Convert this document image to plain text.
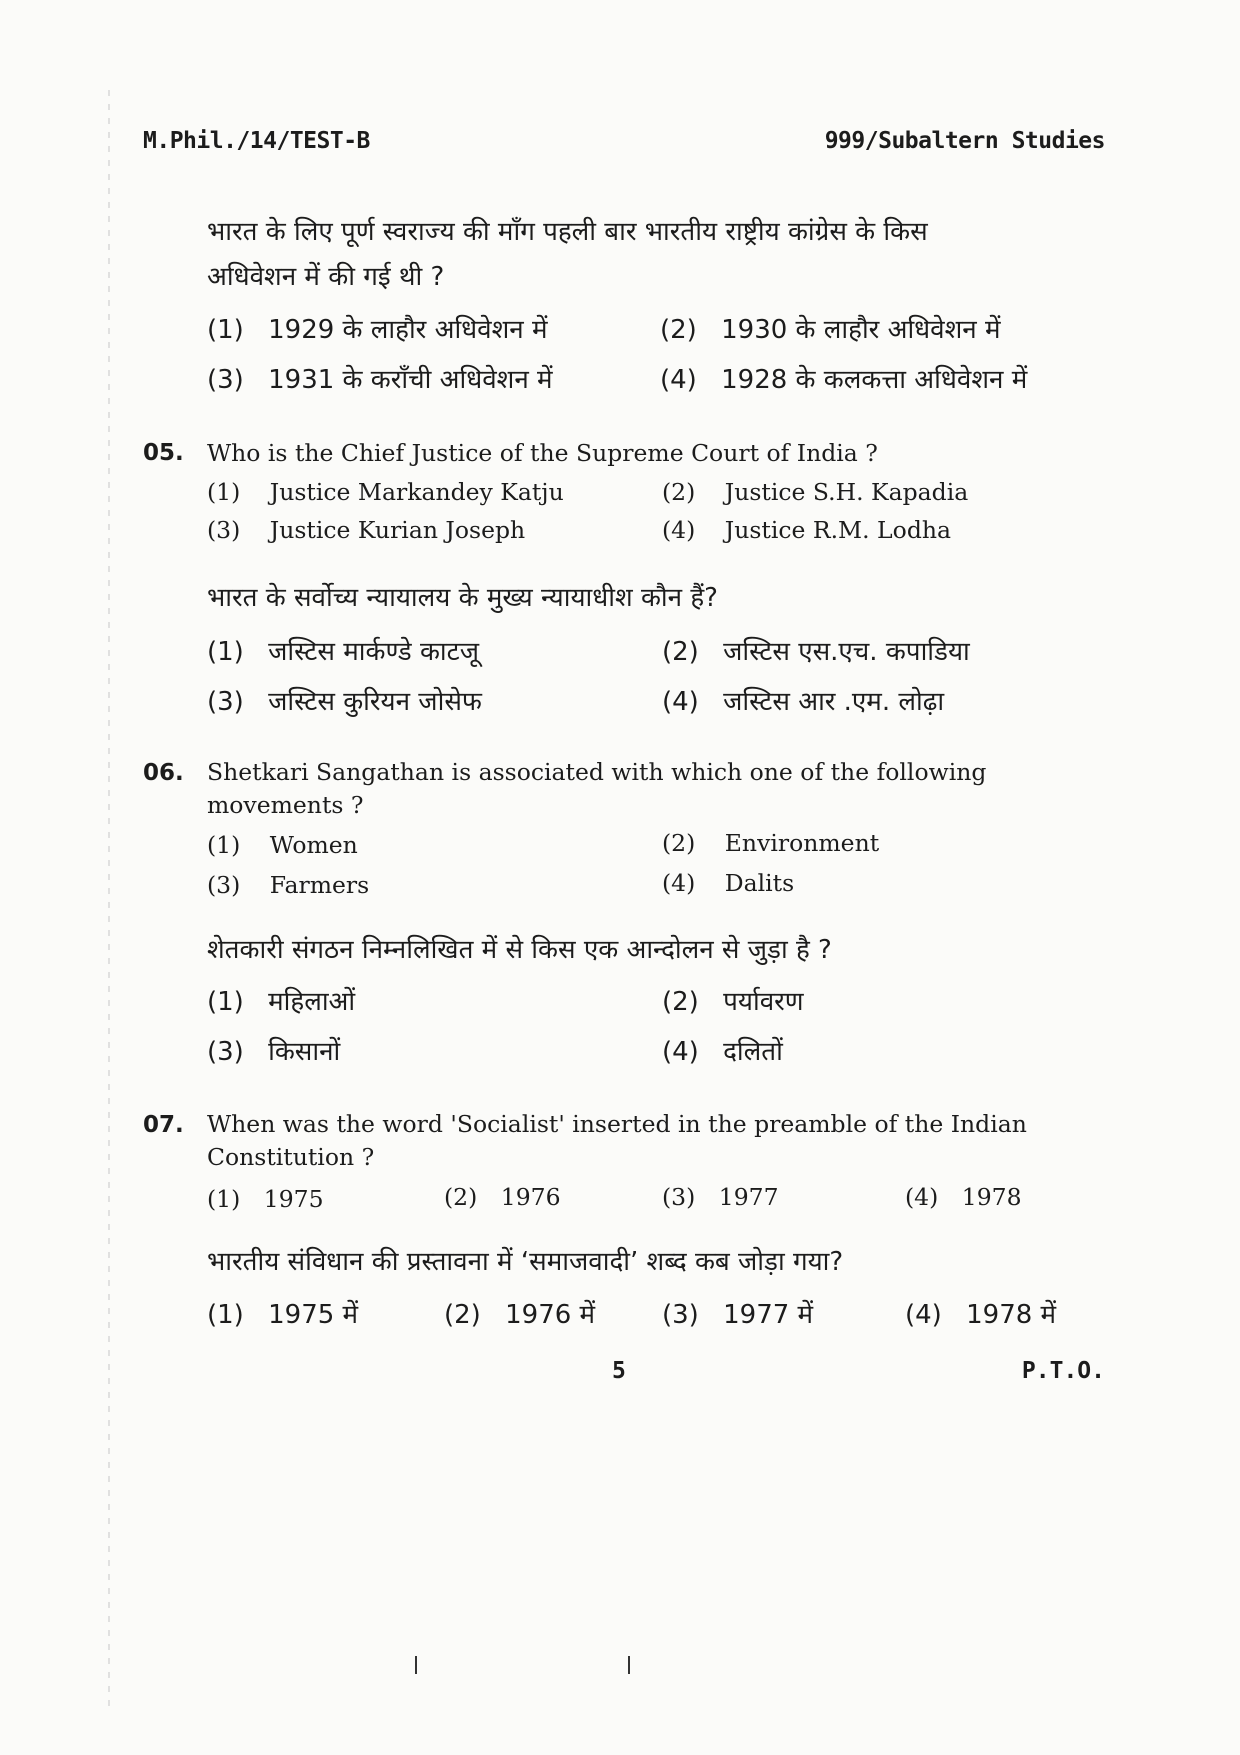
M.Phil./14/TEST-B	999/Subaltern Studies
भारत के लिए पूर्ण स्वराज्य की माँग पहली बार भारतीय राष्ट्रीय कांग्रेस के किस
अधिवेशन में की गई थी ?
(1) 1929 के लाहौर अधिवेशन में	(2) 1930 के लाहौर अधिवेशन में
(3) 1931 के कराँची अधिवेशन में	(4) 1928 के कलकत्ता अधिवेशन में
05. Who is the Chief Justice of the Supreme Court of India ?
(1) Justice Markandey Katju	(2) Justice S.H. Kapadia
(3) Justice Kurian Joseph	(4) Justice R.M. Lodha
भारत के सर्वोच्य न्यायालय के मुख्य न्यायाधीश कौन हैं?
(1) जस्टिस मार्कण्डे काटजू	(2) जस्टिस एस.एच. कपाडिया
(3) जस्टिस कुरियन जोसेफ	(4) जस्टिस आर .एम. लोढ़ा
06. Shetkari Sangathan is associated with which one of the following
movements ?
(1) Women	(2) Environment
(3) Farmers	(4) Dalits
शेतकारी संगठन निम्नलिखित में से किस एक आन्दोलन से जुड़ा है ?
(1) महिलाओं	(2) पर्यावरण
(3) किसानों	(4) दलितों
07. When was the word 'Socialist' inserted in the preamble of the Indian
Constitution ?
(1) 1975	(2) 1976	(3) 1977	(4) 1978
भारतीय संविधान की प्रस्तावना में ‘समाजवादी’ शब्द कब जोड़ा गया?
(1) 1975 में	(2) 1976 में	(3) 1977 में	(4) 1978 में
5	P.T.O.
